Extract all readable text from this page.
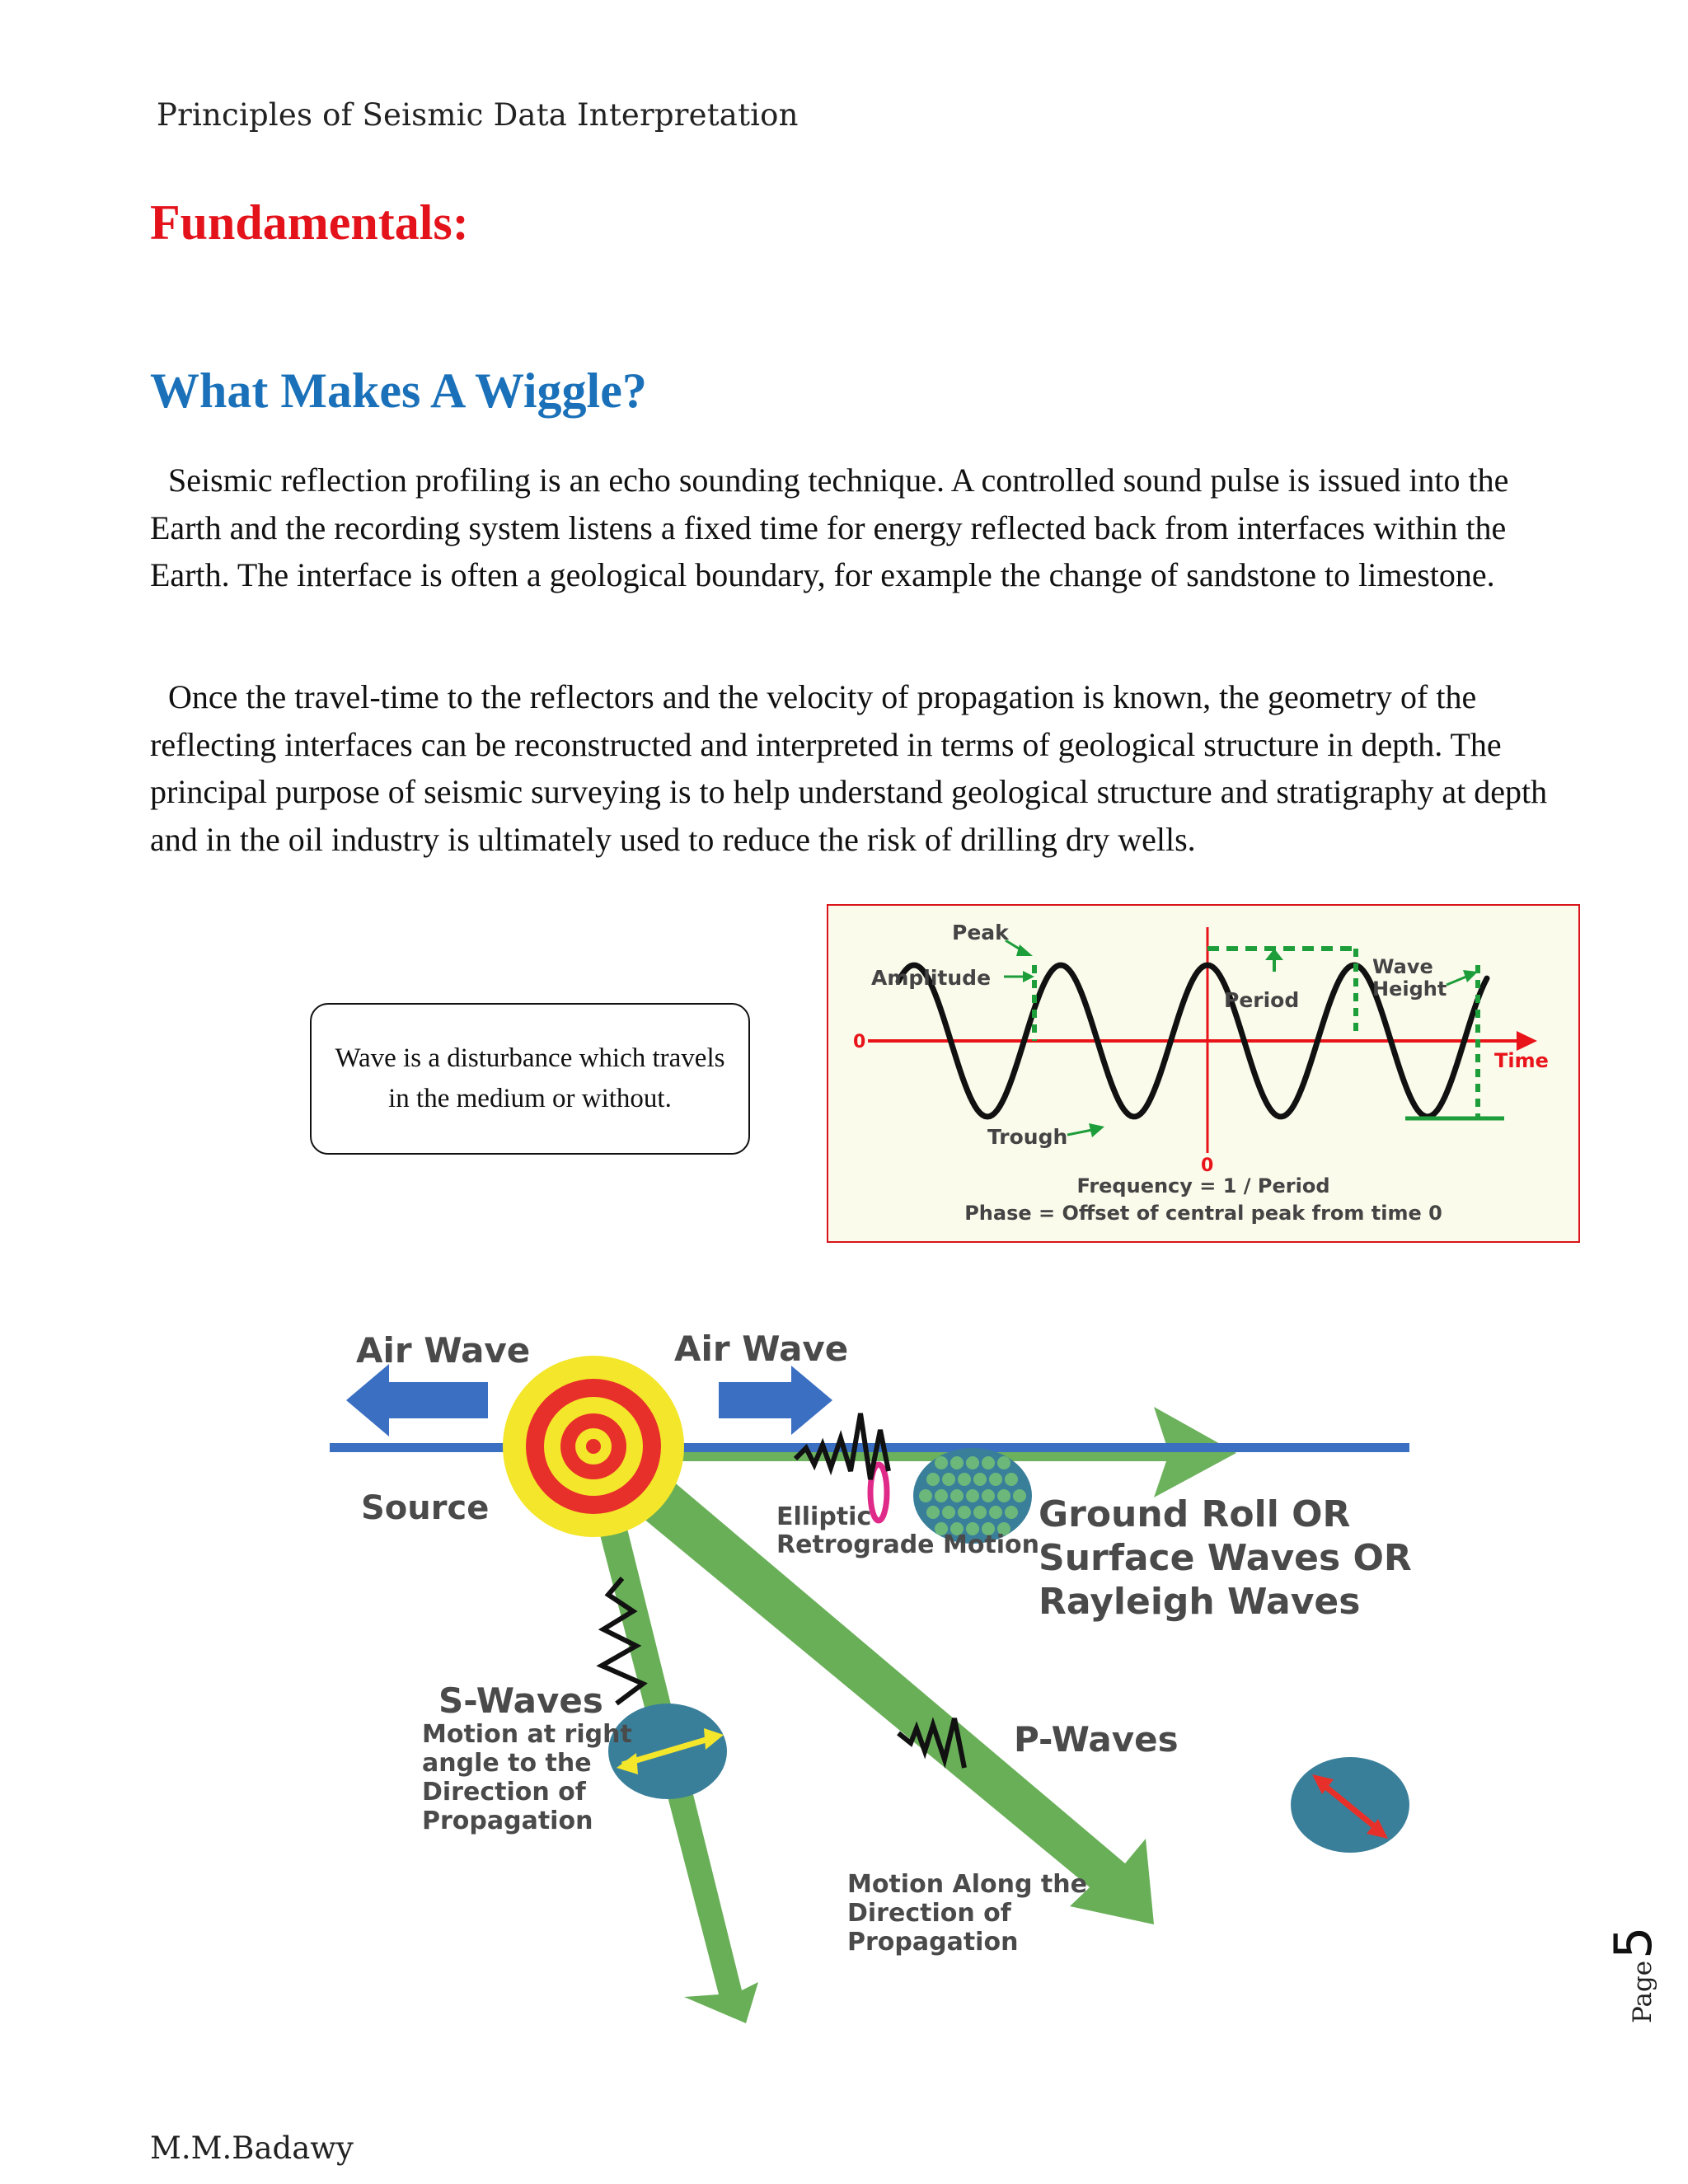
Principles of Seismic Data Interpretation
Fundamentals:
What Makes A Wiggle?

Seismic reflection profiling is an echo sounding technique. A controlled sound pulse is issued into the Earth and the recording system listens a fixed time for energy reflected back from interfaces within the Earth. The interface is often a geological boundary, for example the change of sandstone to limestone.

Once the travel-time to the reflectors and the velocity of propagation is known, the geometry of the reflecting interfaces can be reconstructed and interpreted in terms of geological structure in depth. The principal purpose of seismic surveying is to help understand geological structure and stratigraphy at depth and in the oil industry is ultimately used to reduce the risk of drilling dry wells.

Wave is a disturbance which travels in the medium or without.
Peak
Amplitude
Period
Wave
Height
0
Time
Trough
0
Frequency = 1 / Period
Phase = Offset of central peak from time 0
Air Wave	Air Wave
Source	Elliptic
Retrograde Motion
Ground Roll OR
Surface Waves OR
Rayleigh Waves
S-Waves
Motion at right
angle to the
Direction of
Propagation
P-Waves
Motion Along the
Direction of
Propagation
M.M.Badawy
Page
5
